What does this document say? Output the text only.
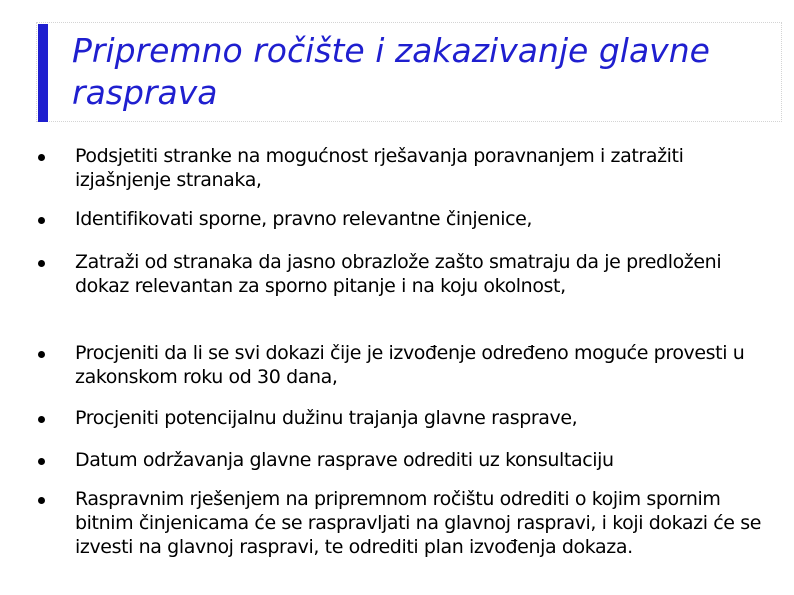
Pripremno ročište i zakazivanje glavne rasprava
Podsjetiti stranke na mogućnost rješavanja poravnanjem i zatražiti izjašnjenje stranaka,
Identifikovati sporne, pravno relevantne činjenice,
Zatraži od stranaka da jasno obrazlože zašto smatraju da je predloženi dokaz relevantan za sporno pitanje i na koju okolnost,
Procjeniti da li se svi dokazi čije je izvođenje određeno moguće provesti u zakonskom roku od 30 dana,
Procjeniti potencijalnu dužinu trajanja glavne rasprave,
Datum održavanja glavne rasprave odrediti uz konsultaciju
Raspravnim rješenjem na pripremnom ročištu odrediti o kojim spornim bitnim činjenicama će se raspravljati na glavnoj raspravi, i koji dokazi će se izvesti na glavnoj raspravi, te odrediti plan izvođenja dokaza.
